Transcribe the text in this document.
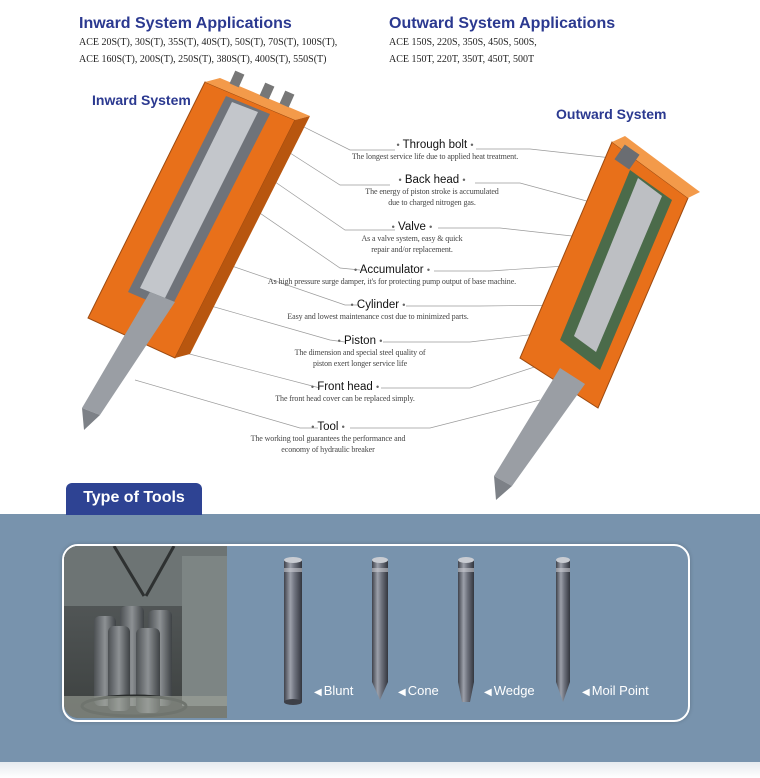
Inward System Applications
ACE 20S(T), 30S(T), 35S(T), 40S(T), 50S(T), 70S(T), 100S(T),
ACE 160S(T), 200S(T), 250S(T), 380S(T), 400S(T), 550S(T)
Outward System Applications
ACE 150S, 220S, 350S, 450S, 500S,
ACE 150T, 220T, 350T, 450T, 500T
Inward System
Outward System
• Through bolt •
The longest service life due to applied heat treatment.
• Back head •
The energy of piston stroke is accumulated
due to charged nitrogen gas.
• Valve •
As a valve system, easy & quick
repair and/or replacement.
• Accumulator •
As high pressure surge damper, it's for protecting pump output of base machine.
• Cylinder •
Easy and lowest maintenance cost due to minimized parts.
• Piston •
The dimension and special steel quality of
piston exert longer service life
• Front head •
The front head cover can be replaced simply.
• Tool •
The working tool guarantees the performance and
economy of hydraulic breaker
Type of Tools
◀ Blunt	◀ Cone	◀ Wedge	◀ Moil Point
